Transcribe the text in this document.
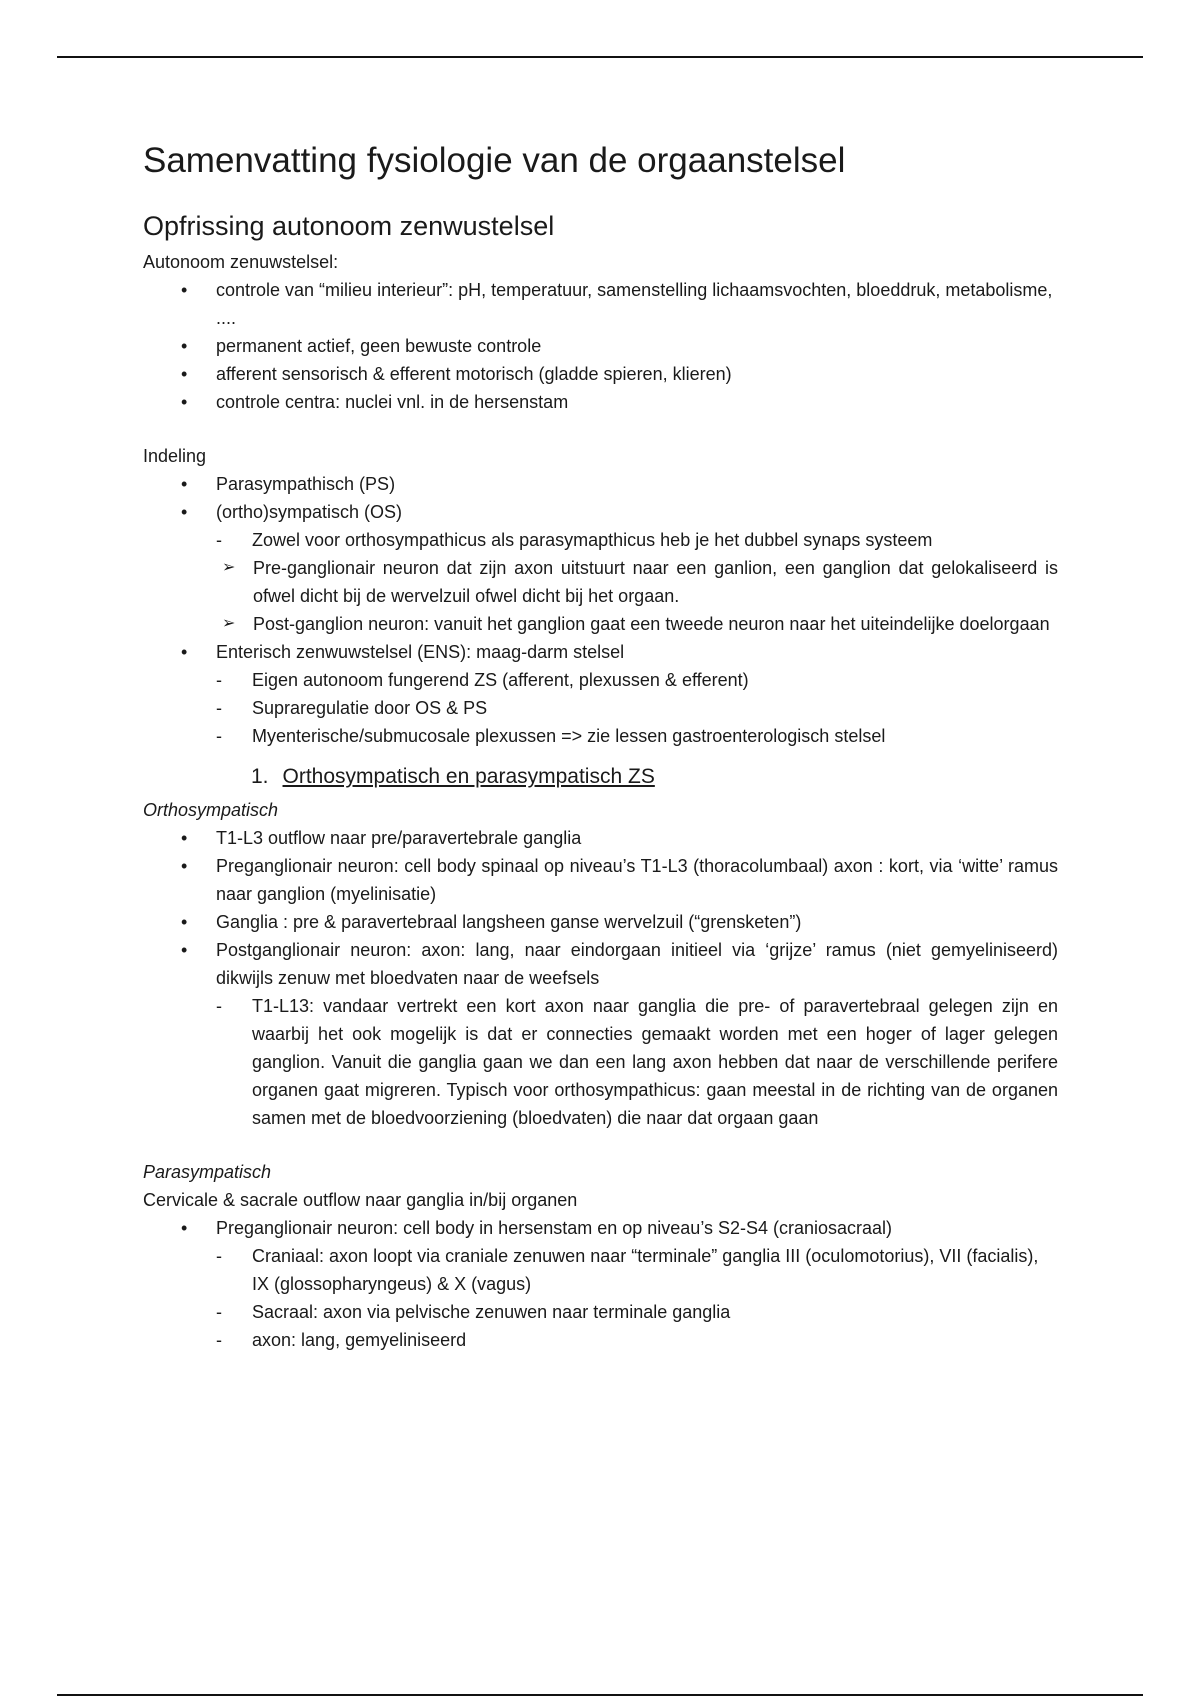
Samenvatting fysiologie van de orgaanstelsel
Opfrissing autonoom zenwustelsel

Autonoom zenuwstelsel:

• controle van “milieu interieur”: pH, temperatuur, samenstelling lichaamsvochten, bloeddruk, metabolisme, ....
• permanent actief, geen bewuste controle
• afferent sensorisch & efferent motorisch (gladde spieren, klieren)
• controle centra: nuclei vnl. in de hersenstam

Indeling

• Parasympathisch (PS)
• (ortho)sympatisch (OS)
- Zowel voor orthosympathicus als parasymapthicus heb je het dubbel synaps systeem
➢ Pre-ganglionair neuron dat zijn axon uitstuurt naar een ganlion, een ganglion dat gelokaliseerd is ofwel dicht bij de wervelzuil ofwel dicht bij het orgaan.
➢ Post-ganglion neuron: vanuit het ganglion gaat een tweede neuron naar het uiteindelijke doelorgaan
• Enterisch zenwuwstelsel (ENS): maag-darm stelsel
- Eigen autonoom fungerend ZS (afferent, plexussen & efferent)
- Supraregulatie door OS & PS
- Myenterische/submucosale plexussen => zie lessen gastroenterologisch stelsel
1. Orthosympatisch en parasympatisch ZS

Orthosympatisch

• T1-L3 outflow naar pre/paravertebrale ganglia
• Preganglionair neuron: cell body spinaal op niveau’s T1-L3 (thoracolumbaal) axon : kort, via ‘witte’ ramus naar ganglion (myelinisatie)
• Ganglia : pre & paravertebraal langsheen ganse wervelzuil (“grensketen”)
• Postganglionair neuron: axon: lang, naar eindorgaan initieel via ‘grijze’ ramus (niet gemyeliniseerd) dikwijls zenuw met bloedvaten naar de weefsels
- T1-L13: vandaar vertrekt een kort axon naar ganglia die pre- of paravertebraal gelegen zijn en waarbij het ook mogelijk is dat er connecties gemaakt worden met een hoger of lager gelegen ganglion. Vanuit die ganglia gaan we dan een lang axon hebben dat naar de verschillende perifere organen gaat migreren. Typisch voor orthosympathicus: gaan meestal in de richting van de organen samen met de bloedvoorziening (bloedvaten) die naar dat orgaan gaan

Parasympatisch

Cervicale & sacrale outflow naar ganglia in/bij organen

• Preganglionair neuron: cell body in hersenstam en op niveau’s S2-S4 (craniosacraal)
- Craniaal: axon loopt via craniale zenuwen naar “terminale” ganglia III (oculomotorius), VII (facialis), IX (glossopharyngeus) & X (vagus)
- Sacraal: axon via pelvische zenuwen naar terminale ganglia
- axon: lang, gemyeliniseerd
